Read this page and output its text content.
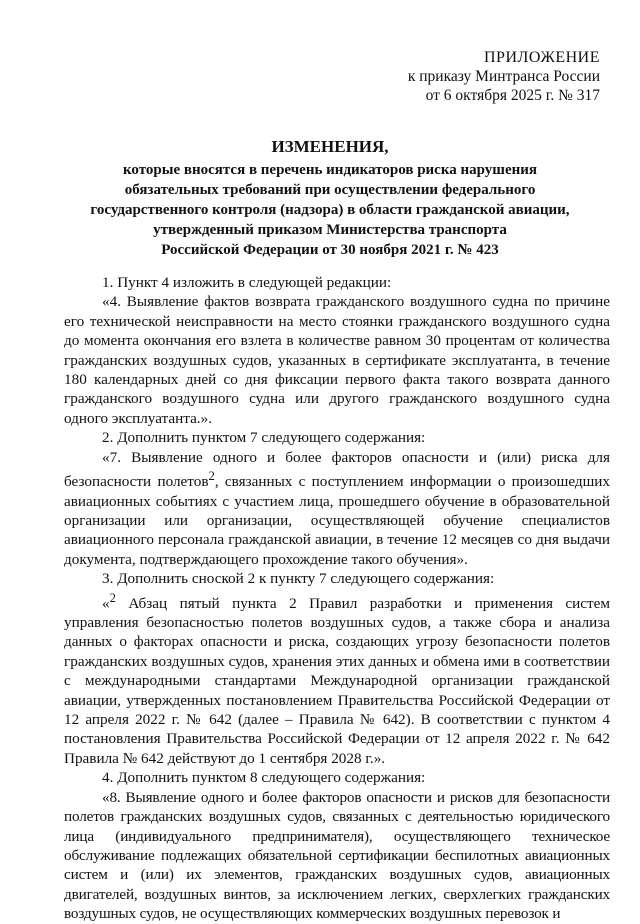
ПРИЛОЖЕНИЕ
к приказу Минтранса России
от 6 октября 2025 г. № 317
ИЗМЕНЕНИЯ,
которые вносятся в перечень индикаторов риска нарушения
обязательных требований при осуществлении федерального
государственного контроля (надзора) в области гражданской авиации,
утвержденный приказом Министерства транспорта
Российской Федерации от 30 ноября 2021 г. № 423

1. Пункт 4 изложить в следующей редакции:

«4. Выявление фактов возврата гражданского воздушного судна по причине его технической неисправности на место стоянки гражданского воздушного судна до момента окончания его взлета в количестве равном 30 процентам от количества гражданских воздушных судов, указанных в сертификате эксплуатанта, в течение 180 календарных дней со дня фиксации первого факта такого возврата данного гражданского воздушного судна или другого гражданского воздушного судна одного эксплуатанта.».

2. Дополнить пунктом 7 следующего содержания:

«7. Выявление одного и более факторов опасности и (или) риска для безопасности полетов$^2$, связанных с поступлением информации о произошедших авиационных событиях с участием лица, прошедшего обучение в образовательной организации или организации, осуществляющей обучение специалистов авиационного персонала гражданской авиации, в течение 12 месяцев со дня выдачи документа, подтверждающего прохождение такого обучения».

3. Дополнить сноской 2 к пункту 7 следующего содержания:

«$^2$ Абзац пятый пункта 2 Правил разработки и применения систем управления безопасностью полетов воздушных судов, а также сбора и анализа данных о факторах опасности и риска, создающих угрозу безопасности полетов гражданских воздушных судов, хранения этих данных и обмена ими в соответствии с международными стандартами Международной организации гражданской авиации, утвержденных постановлением Правительства Российской Федерации от 12 апреля 2022 г. № 642 (далее – Правила № 642). В соответствии с пунктом 4 постановления Правительства Российской Федерации от 12 апреля 2022 г. № 642 Правила № 642 действуют до 1 сентября 2028 г.».

4. Дополнить пунктом 8 следующего содержания:

«8. Выявление одного и более факторов опасности и рисков для безопасности полетов гражданских воздушных судов, связанных с деятельностью юридического лица (индивидуального предпринимателя), осуществляющего техническое обслуживание подлежащих обязательной сертификации беспилотных авиационных систем и (или) их элементов, гражданских воздушных судов, авиационных двигателей, воздушных винтов, за исключением легких, сверхлегких гражданских воздушных судов, не осуществляющих коммерческих воздушных перевозок и
